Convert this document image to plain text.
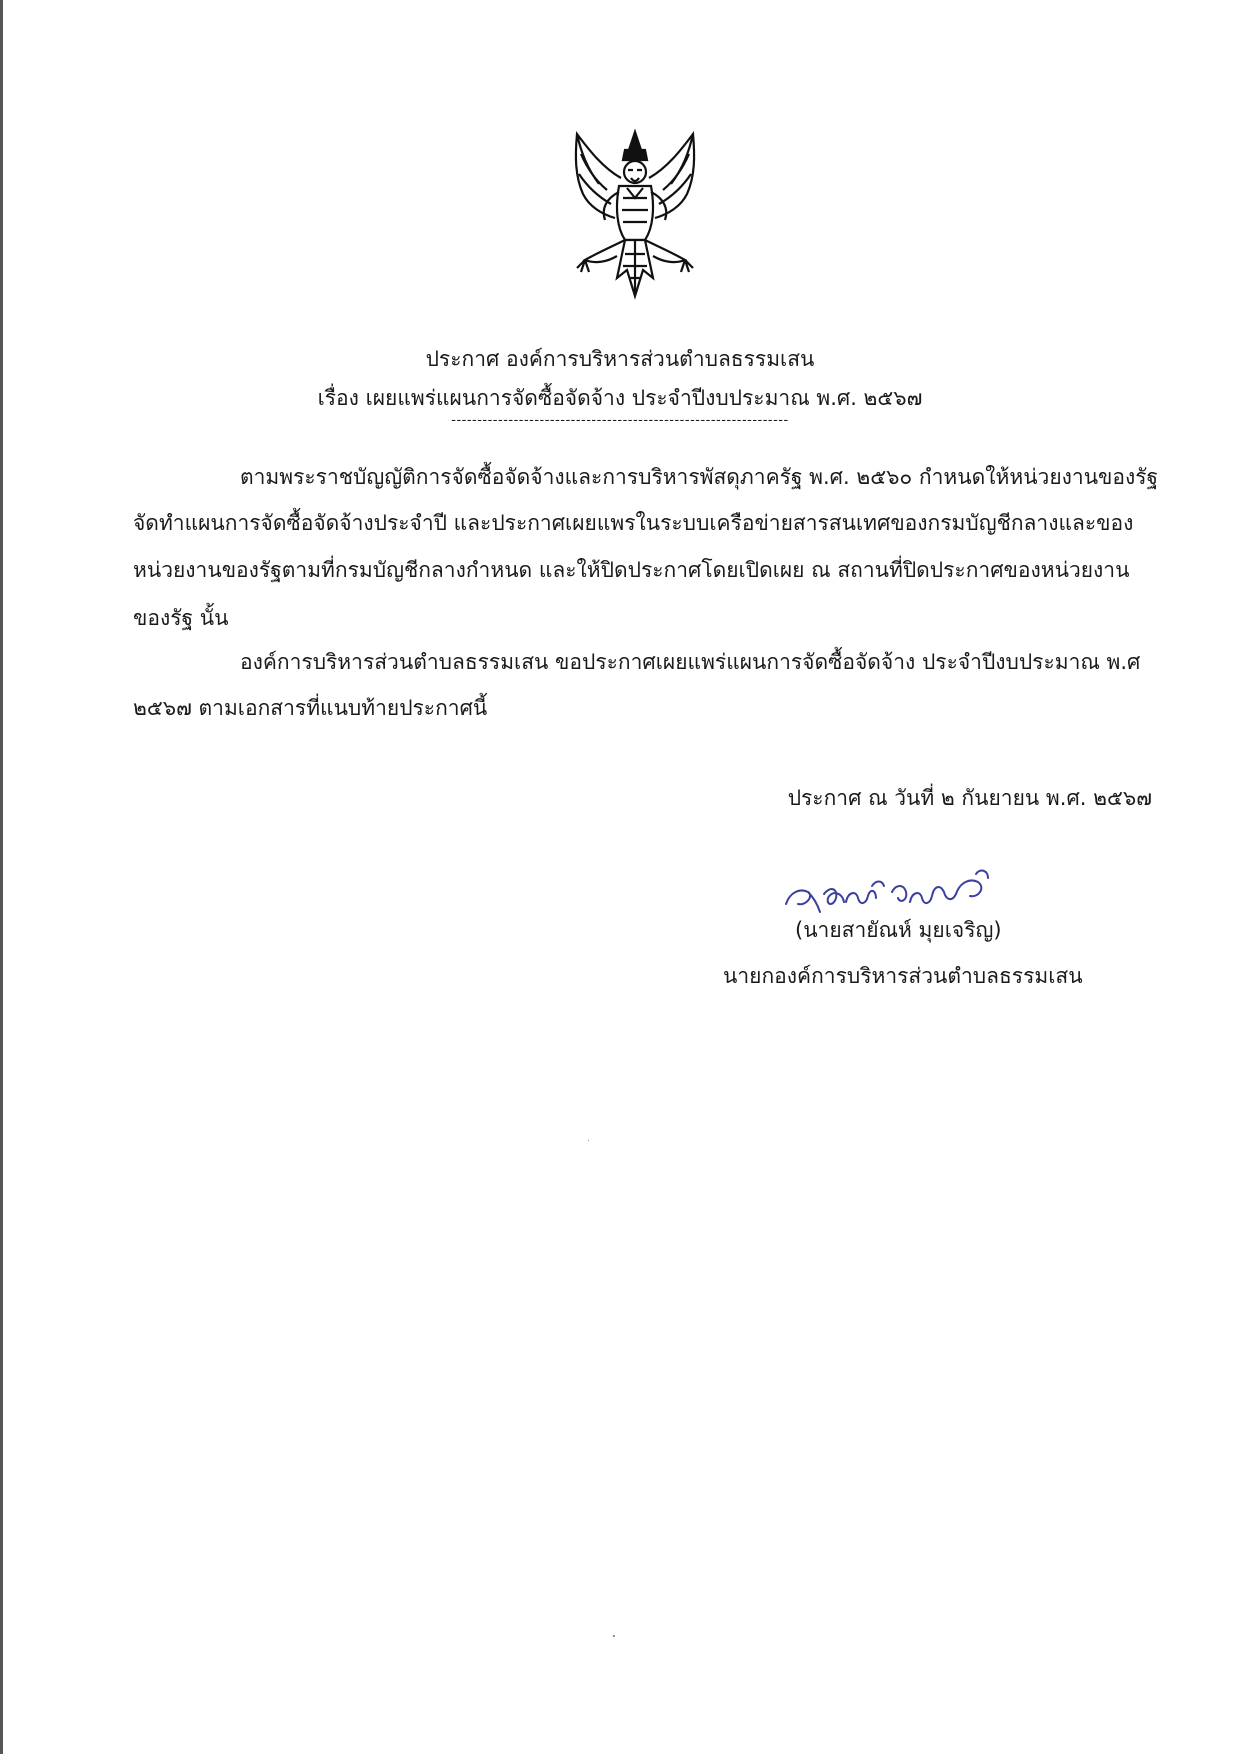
ประกาศ องค์การบริหารส่วนตำบลธรรมเสน
เรื่อง เผยแพร่แผนการจัดซื้อจัดจ้าง ประจำปีงบประมาณ พ.ศ. ๒๕๖๗
-----------------------------------------------------------------
ตามพระราชบัญญัติการจัดซื้อจัดจ้างและการบริหารพัสดุภาครัฐ พ.ศ. ๒๕๖๐ กำหนดให้หน่วยงานของรัฐ
จัดทำแผนการจัดซื้อจัดจ้างประจำปี และประกาศเผยแพรในระบบเครือข่ายสารสนเทศของกรมบัญชีกลางและของ
หน่วยงานของรัฐตามที่กรมบัญชีกลางกำหนด และให้ปิดประกาศโดยเปิดเผย ณ สถานที่ปิดประกาศของหน่วยงาน
ของรัฐ นั้น
องค์การบริหารส่วนตำบลธรรมเสน ขอประกาศเผยแพร่แผนการจัดซื้อจัดจ้าง ประจำปีงบประมาณ พ.ศ
๒๕๖๗ ตามเอกสารที่แนบท้ายประกาศนี้
ประกาศ ณ วันที่ ๒ กันยายน พ.ศ. ๒๕๖๗
(นายสายัณห์ มุยเจริญ)
นายกองค์การบริหารส่วนตำบลธรรมเสน
